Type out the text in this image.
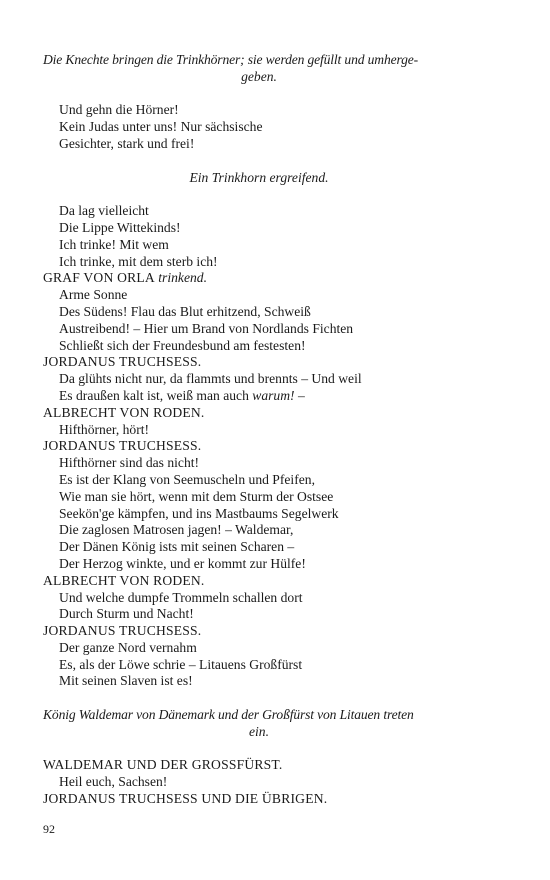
Die Knechte bringen die Trinkhörner; sie werden gefüllt und umherge-
geben.
Und gehn die Hörner!
Kein Judas unter uns! Nur sächsische
Gesichter, stark und frei!
Ein Trinkhorn ergreifend.
Da lag vielleicht
Die Lippe Wittekinds!
Ich trinke! Mit wem
Ich trinke, mit dem sterb ich!
GRAF VON ORLA trinkend.
Arme Sonne
Des Südens! Flau das Blut erhitzend, Schweiß
Austreibend! – Hier um Brand von Nordlands Fichten
Schließt sich der Freundesbund am festesten!
JORDANUS TRUCHSESS.
Da glühts nicht nur, da flammts und brennts – Und weil
Es draußen kalt ist, weiß man auch warum! –
ALBRECHT VON RODEN.
Hifthörner, hört!
JORDANUS TRUCHSESS.
Hifthörner sind das nicht!
Es ist der Klang von Seemuscheln und Pfeifen,
Wie man sie hört, wenn mit dem Sturm der Ostsee
Seekön'ge kämpfen, und ins Mastbaums Segelwerk
Die zaglosen Matrosen jagen! – Waldemar,
Der Dänen König ists mit seinen Scharen –
Der Herzog winkte, und er kommt zur Hülfe!
ALBRECHT VON RODEN.
Und welche dumpfe Trommeln schallen dort
Durch Sturm und Nacht!
JORDANUS TRUCHSESS.
Der ganze Nord vernahm
Es, als der Löwe schrie – Litauens Großfürst
Mit seinen Slaven ist es!
König Waldemar von Dänemark und der Großfürst von Litauen treten
ein.
WALDEMAR UND DER GROSSFÜRST.
Heil euch, Sachsen!
JORDANUS TRUCHSESS UND DIE ÜBRIGEN.
92
